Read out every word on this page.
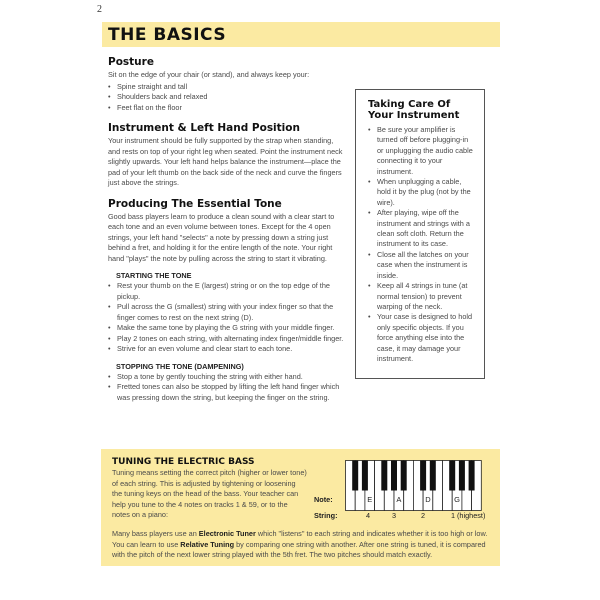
2
THE BASICS
Posture

Sit on the edge of your chair (or stand), and always keep your:

• Spine straight and tall
• Shoulders back and relaxed
• Feet flat on the floor
Instrument & Left Hand Position

Your instrument should be fully supported by the strap when standing, and rests on top of your right leg when seated. Point the instrument neck slightly upwards. Your left hand helps balance the instrument—place the pad of your left thumb on the back side of the neck and curve the fingers just above the strings.

Producing The Essential Tone

Good bass players learn to produce a clean sound with a clear start to each tone and an even volume between tones. Except for the 4 open strings, your left hand "selects" a note by pressing down a string just behind a fret, and holding it for the entire length of the note. Your right hand "plays" the note by pulling across the string to start it vibrating.

STARTING THE TONE
• Rest your thumb on the E (largest) string or on the top edge of the pickup.
• Pull across the G (smallest) string with your index finger so that the finger comes to rest on the next string (D).
• Make the same tone by playing the G string with your middle finger.
• Play 2 tones on each string, with alternating index finger/middle finger.
• Strive for an even volume and clear start to each tone.
STOPPING THE TONE (DAMPENING)
• Stop a tone by gently touching the string with either hand.
• Fretted tones can also be stopped by lifting the left hand finger which was pressing down the string, but keeping the finger on the string.
Taking Care Of
Your Instrument
• Be sure your amplifier is turned off before plugging-in or unplugging the audio cable connecting it to your instrument.
• When unplugging a cable, hold it by the plug (not by the wire).
• After playing, wipe off the instrument and strings with a clean soft cloth. Return the instrument to its case.
• Close all the latches on your case when the instrument is inside.
• Keep all 4 strings in tune (at normal tension) to prevent warping of the neck.
• Your case is designed to hold only specific objects. If you force anything else into the case, it may damage your instrument.
TUNING THE ELECTRIC BASS

Tuning means setting the correct pitch (higher or lower tone) of each string. This is adjusted by tightening or loosening the tuning keys on the head of the bass. Your teacher can help you tune to the 4 notes on tracks 1 & 59, or to the notes on a piano:

Many bass players use an Electronic Tuner which "listens" to each string and indicates whether it is too high or low. You can learn to use Relative Tuning by comparing one string with another. After one string is tuned, it is compared with the pitch of the next lower string played with the 5th fret. The two pitches should match exactly.

E	A	D	G
Note:
String:	4	3	2	1 (highest)
